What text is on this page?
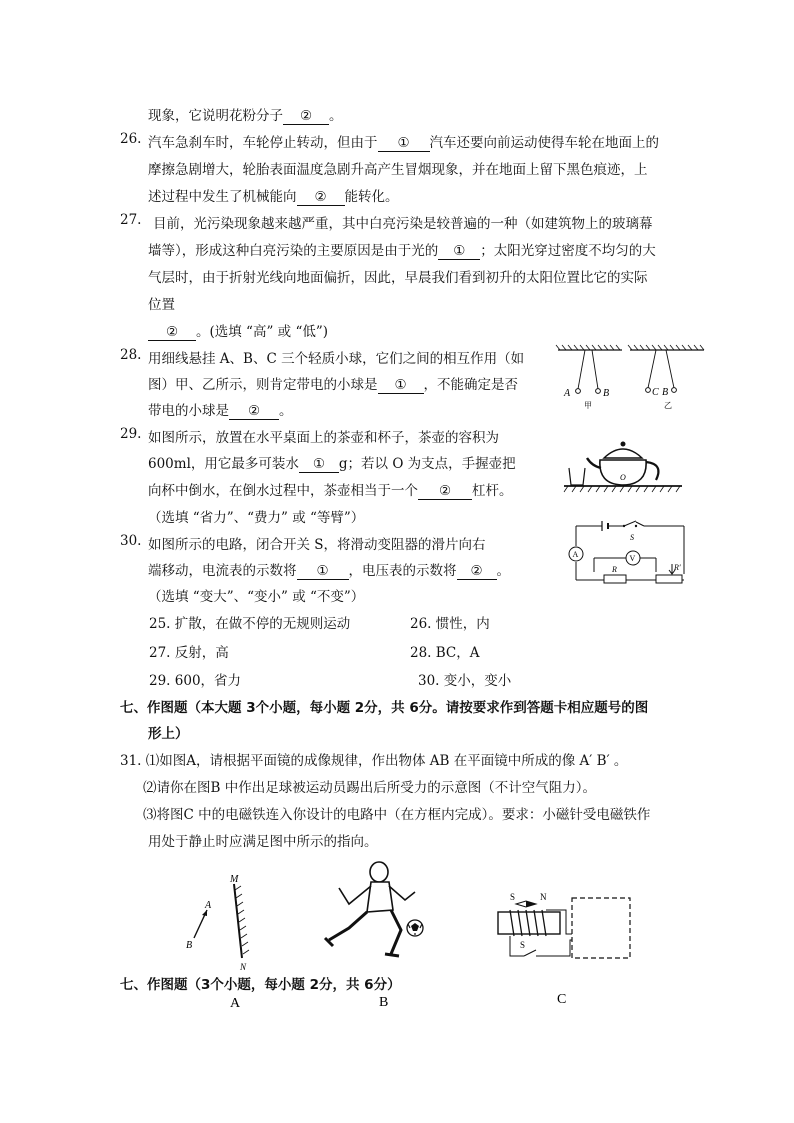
现象，它说明花粉分子 ② 。
26. 汽车急刹车时，车轮停止转动，但由于 ① 汽车还要向前运动使得车轮在地面上的
摩擦急剧增大，轮胎表面温度急剧升高产生冒烟现象，并在地面上留下黑色痕迹，上
述过程中发生了机械能向 ② 能转化。
27. 目前，光污染现象越来越严重，其中白亮污染是较普遍的一种（如建筑物上的玻璃幕
墙等），形成这种白亮污染的主要原因是由于光的 ① ；太阳光穿过密度不均匀的大
气层时，由于折射光线向地面偏折，因此，早晨我们看到初升的太阳位置比它的实际
位置
② 。(选填 “高” 或 “低”)
28. 用细线悬挂 A、B、C 三个轻质小球，它们之间的相互作用（如
图）甲、乙所示，则肯定带电的小球是 ① ，不能确定是否
带电的小球是 ② 。
A	B
甲
C B
乙
29. 如图所示，放置在水平桌面上的茶壶和杯子，茶壶的容积为
600ml，用它最多可装水 ① g；若以 O 为支点，手握壶把
向杯中倒水，在倒水过程中，茶壶相当于一个 ② 杠杆。
（选填 “省力”、“费力” 或 “等臂”）
O
30. 如图所示的电路，闭合开关 S，将滑动变阻器的滑片向右
端移动，电流表的示数将 ① ，电压表的示数将 ② 。
（选填 “变大”、“变小” 或 “不变”）
S
A	V
R	R′
25. 扩散，在做不停的无规则运动	26. 惯性，内
27. 反射，高	28. BC，A
29. 600，省力	30. 变小，变小
七、作图题（本大题 3个小题，每小题 2分，共 6分。请按要求作到答题卡相应题号的图
形上）
31. ⑴如图A，请根据平面镜的成像规律，作出物体 AB 在平面镜中所成的像 A′ B′ 。
⑵请你在图B 中作出足球被运动员踢出后所受力的示意图（不计空气阻力）。
⑶将图C 中的电磁铁连入你设计的电路中（在方框内完成）。要求：小磁针受电磁铁作
用处于静止时应满足图中所示的指向。
M
N
A
B
A	B
S	N
S
C
七、作图题（3个小题，每小题 2分，共 6分）
